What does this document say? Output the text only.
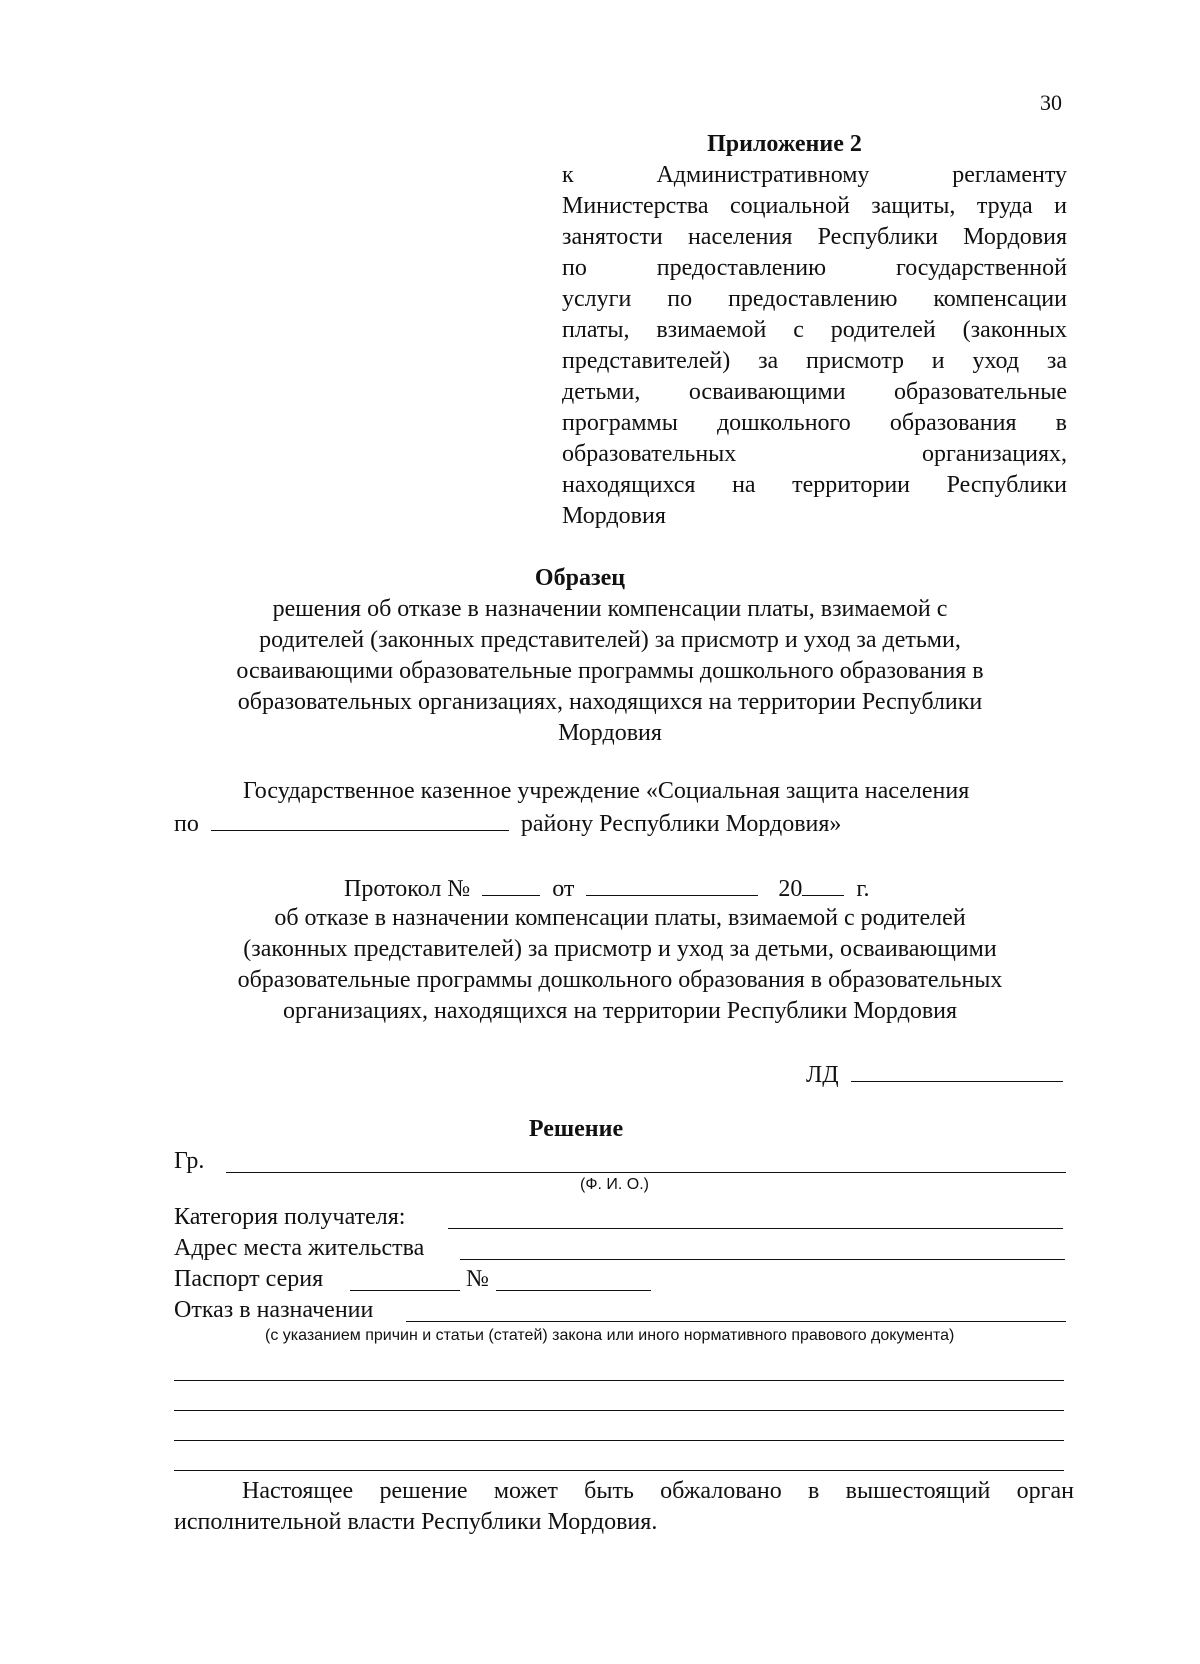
30
Приложение 2
к Административному регламенту
Министерства социальной защиты, труда и
занятости населения Республики Мордовия
по предоставлению государственной
услуги по предоставлению компенсации
платы, взимаемой с родителей (законных
представителей) за присмотр и уход за
детьми, осваивающими образовательные
программы дошкольного образования в
образовательных организациях,
находящихся на территории Республики
Мордовия
Образец
решения об отказе в назначении компенсации платы, взимаемой с
родителей (законных представителей) за присмотр и уход за детьми,
осваивающими образовательные программы дошкольного образования в
образовательных организациях, находящихся на территории Республики
Мордовия
Государственное казенное учреждение «Социальная защита населения
по	району Республики Мордовия»
Протокол №	от	20 г.
об отказе в назначении компенсации платы, взимаемой с родителей
(законных представителей) за присмотр и уход за детьми, осваивающими
образовательные программы дошкольного образования в образовательных
организациях, находящихся на территории Республики Мордовия
ЛД
Решение
Гр.
(Ф. И. О.)
Категория получателя:
Адрес места жительства
Паспорт серия	№
Отказ в назначении
(с указанием причин и статьи (статей) закона или иного нормативного правового документа)
Настоящее решение может быть обжаловано в вышестоящий орган исполнительной власти Республики Мордовия.
